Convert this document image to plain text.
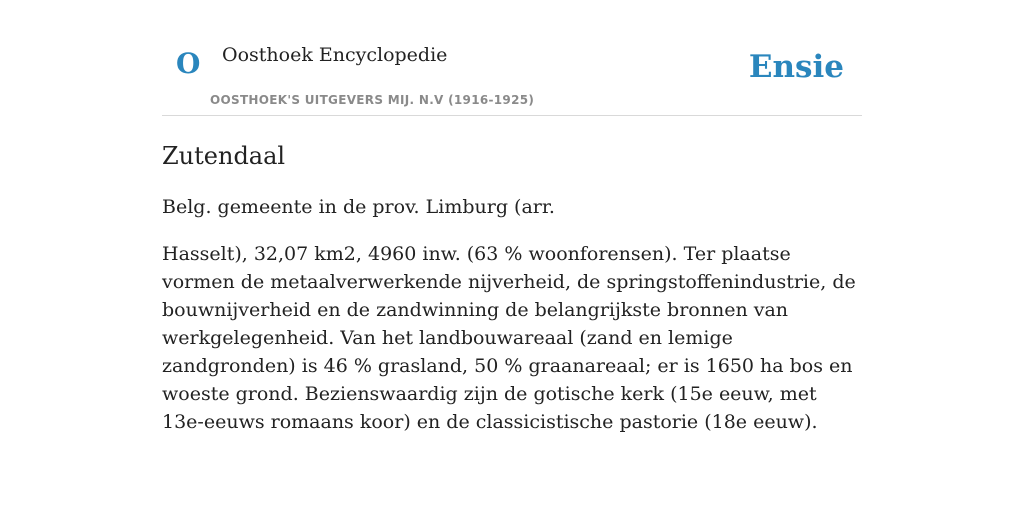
O Oosthoek Encyclopedie
OOSTHOEK'S UITGEVERS MIJ. N.V (1916-1925)
Ensie
Zutendaal

Belg. gemeente in de prov. Limburg (arr.

Hasselt), 32,07 km2, 4960 inw. (63 % woonforensen). Ter plaatse vormen de metaalverwerkende nijverheid, de springstoffenindustrie, de bouwnijverheid en de zandwinning de belangrijkste bronnen van werkgelegenheid. Van het landbouwareaal (zand en lemige zandgronden) is 46 % grasland, 50 % graanareaal; er is 1650 ha bos en woeste grond. Bezienswaardig zijn de gotische kerk (15e eeuw, met 13e-eeuws romaans koor) en de classicistische pastorie (18e eeuw).
